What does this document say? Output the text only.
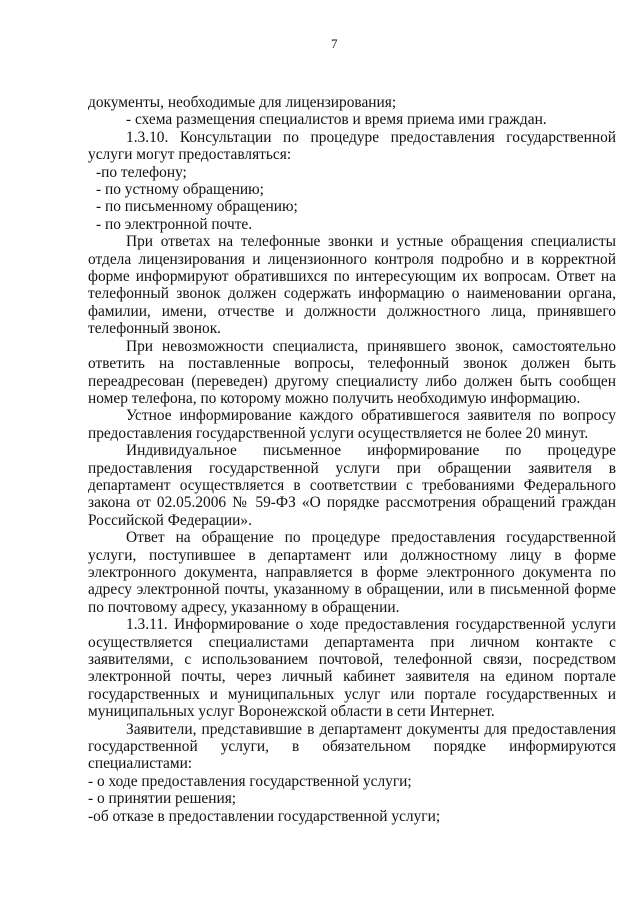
7

документы, необходимые для лицензирования;

- схема размещения специалистов и время приема ими граждан.

1.3.10. Консультации по процедуре предоставления государственной услуги могут предоставляться:

-по телефону;

- по устному обращению;

- по письменному обращению;

- по электронной почте.

При ответах на телефонные звонки и устные обращения специалисты отдела лицензирования и лицензионного контроля подробно и в корректной форме информируют обратившихся по интересующим их вопросам. Ответ на телефонный звонок должен содержать информацию о наименовании органа, фамилии, имени, отчестве и должности должностного лица, принявшего телефонный звонок.

При невозможности специалиста, принявшего звонок, самостоятельно ответить на поставленные вопросы, телефонный звонок должен быть переадресован (переведен) другому специалисту либо должен быть сообщен номер телефона, по которому можно получить необходимую информацию.

Устное информирование каждого обратившегося заявителя по вопросу предоставления государственной услуги осуществляется не более 20 минут.

Индивидуальное письменное информирование по процедуре предоставления государственной услуги при обращении заявителя в департамент осуществляется в соответствии с требованиями Федерального закона от 02.05.2006 № 59-ФЗ «О порядке рассмотрения обращений граждан Российской Федерации».

Ответ на обращение по процедуре предоставления государственной услуги, поступившее в департамент или должностному лицу в форме электронного документа, направляется в форме электронного документа по адресу электронной почты, указанному в обращении, или в письменной форме по почтовому адресу, указанному в обращении.

1.3.11. Информирование о ходе предоставления государственной услуги осуществляется специалистами департамента при личном контакте с заявителями, с использованием почтовой, телефонной связи, посредством электронной почты, через личный кабинет заявителя на едином портале государственных и муниципальных услуг или портале государственных и муниципальных услуг Воронежской области в сети Интернет.

Заявители, представившие в департамент документы для предоставления государственной услуги, в обязательном порядке информируются специалистами:

- о ходе предоставления государственной услуги;

- о принятии решения;

-об отказе в предоставлении государственной услуги;
